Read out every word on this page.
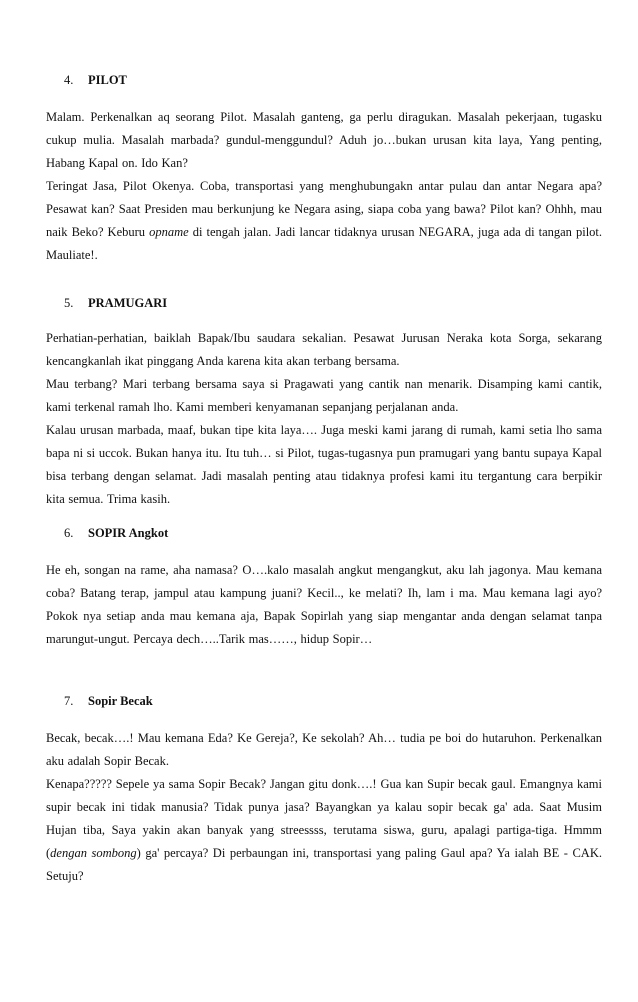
4.	PILOT

Malam. Perkenalkan aq seorang Pilot. Masalah ganteng, ga perlu diragukan. Masalah pekerjaan, tugasku cukup mulia. Masalah marbada? gundul-menggundul? Aduh jo…bukan urusan kita laya, Yang penting, Habang Kapal on. Ido Kan?

Teringat Jasa, Pilot Okenya. Coba, transportasi yang menghubungakn antar pulau dan antar Negara apa? Pesawat kan? Saat Presiden mau berkunjung ke Negara asing, siapa coba yang bawa? Pilot kan? Ohhh, mau naik Beko? Keburu opname di tengah jalan. Jadi lancar tidaknya urusan NEGARA, juga ada di tangan pilot. Mauliate!.

5.	PRAMUGARI

Perhatian-perhatian, baiklah Bapak/Ibu saudara sekalian. Pesawat Jurusan Neraka kota Sorga, sekarang kencangkanlah ikat pinggang Anda karena kita akan terbang bersama.

Mau terbang? Mari terbang bersama saya si Pragawati yang cantik nan menarik. Disamping kami cantik, kami terkenal ramah lho. Kami memberi kenyamanan sepanjang perjalanan anda.

Kalau urusan marbada, maaf, bukan tipe kita laya…. Juga meski kami jarang di rumah, kami setia lho sama bapa ni si uccok. Bukan hanya itu. Itu tuh… si Pilot, tugas-tugasnya pun pramugari yang bantu supaya Kapal bisa terbang dengan selamat. Jadi masalah penting atau tidaknya profesi kami itu tergantung cara berpikir kita semua. Trima kasih.

6.	SOPIR Angkot

He eh, songan na rame, aha namasa? O….kalo masalah angkut mengangkut, aku lah jagonya. Mau kemana coba? Batang terap, jampul atau kampung juani? Kecil.., ke melati? Ih, lam i ma. Mau kemana lagi ayo? Pokok nya setiap anda mau kemana aja, Bapak Sopirlah yang siap mengantar anda dengan selamat tanpa marungut-ungut. Percaya dech…..Tarik mas……, hidup Sopir…

7.	Sopir Becak

Becak, becak….! Mau kemana Eda? Ke Gereja?, Ke sekolah? Ah… tudia pe boi do hutaruhon. Perkenalkan aku adalah Sopir Becak.

Kenapa????? Sepele ya sama Sopir Becak? Jangan gitu donk….! Gua kan Supir becak gaul. Emangnya kami supir becak ini tidak manusia? Tidak punya jasa? Bayangkan ya kalau sopir becak ga' ada. Saat Musim Hujan tiba, Saya yakin akan banyak yang streessss, terutama siswa, guru, apalagi partiga-tiga. Hmmm (dengan sombong) ga' percaya? Di perbaungan ini, transportasi yang paling Gaul apa? Ya ialah BE - CAK. Setuju?
